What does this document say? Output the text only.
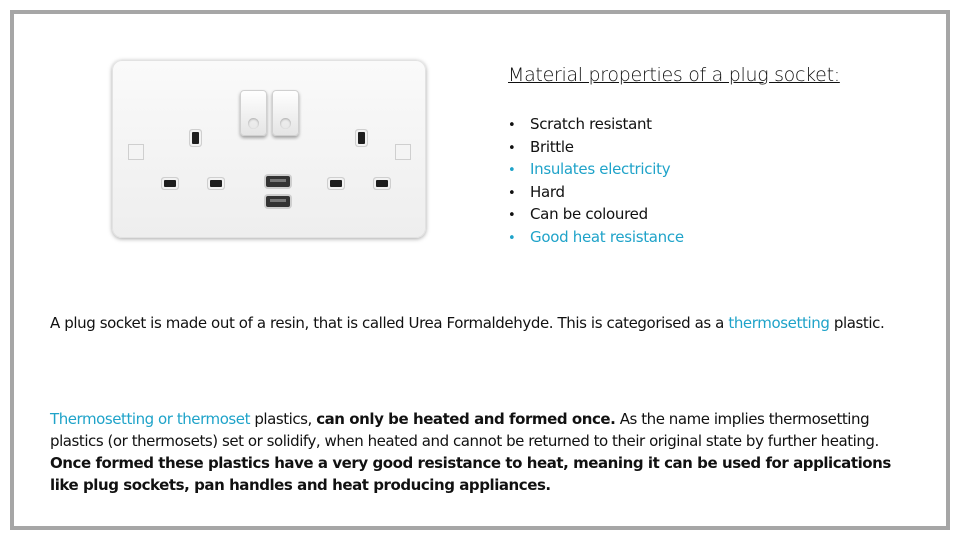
Material properties of a plug socket:
• Scratch resistant
• Brittle
• Insulates electricity
• Hard
• Can be coloured
• Good heat resistance

A plug socket is made out of a resin, that is called Urea Formaldehyde. This is categorised as a thermosetting plastic.

Thermosetting or thermoset plastics, can only be heated and formed once. As the name implies thermosetting plastics (or thermosets) set or solidify, when heated and cannot be returned to their original state by further heating. Once formed these plastics have a very good resistance to heat, meaning it can be used for applications like plug sockets, pan handles and heat producing appliances.
